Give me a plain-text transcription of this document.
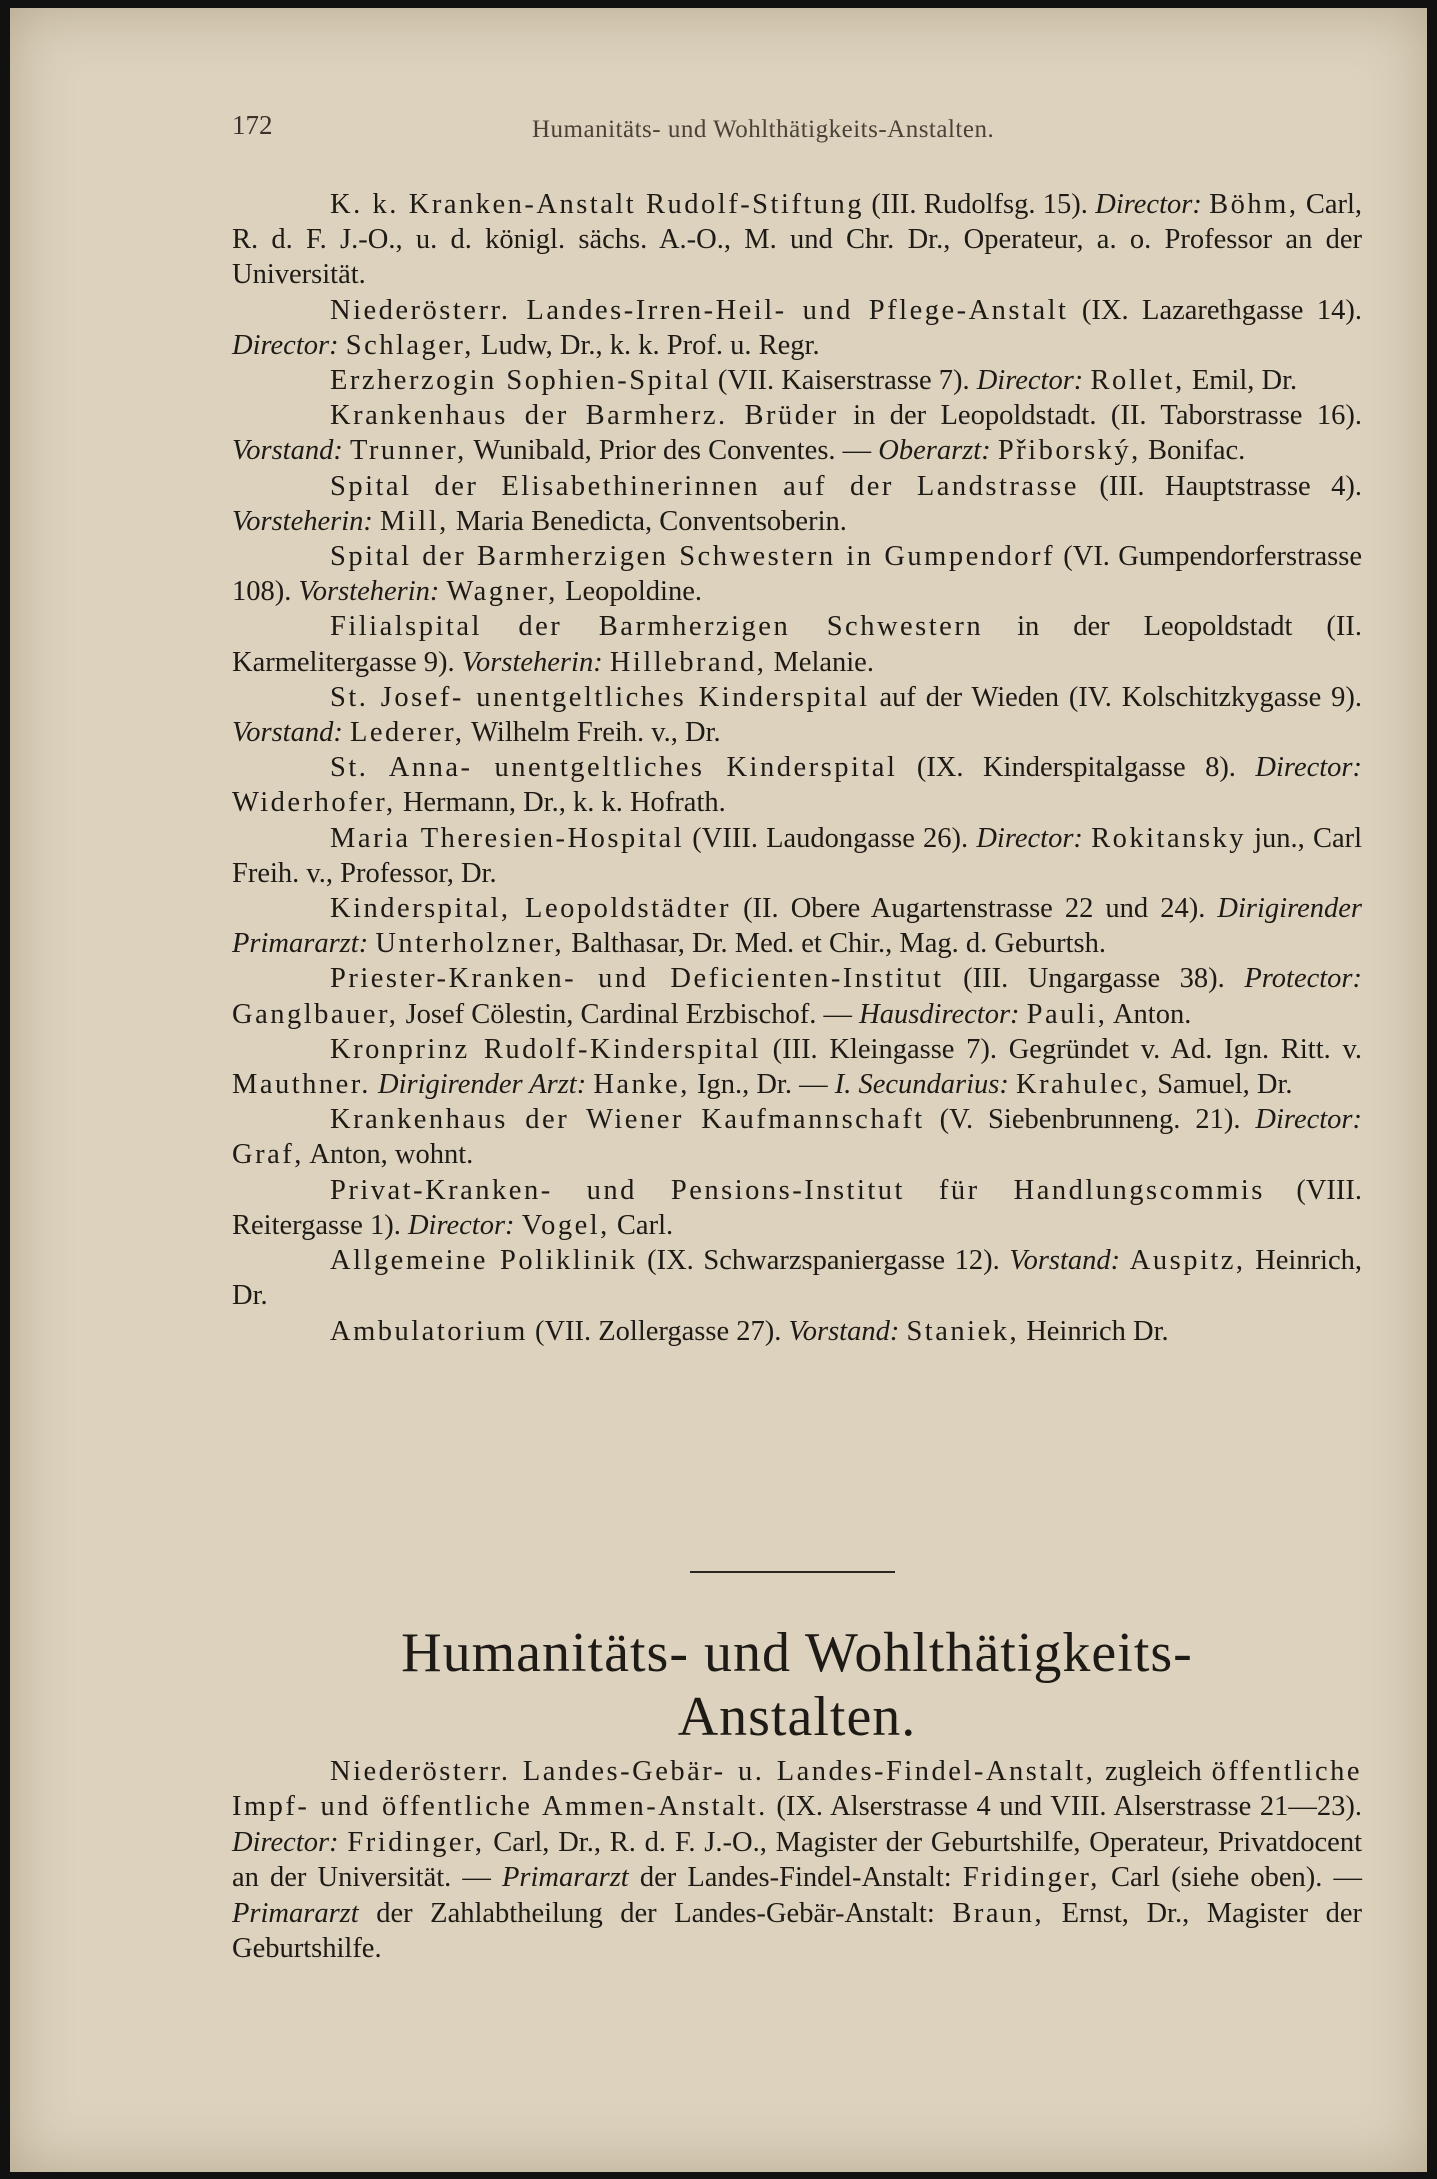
172	Humanitäts- und Wohlthätigkeits-Anstalten.

K. k. Kranken-Anstalt Rudolf-Stiftung (III. Rudolfsg. 15). Director: Böhm, Carl, R. d. F. J.-O., u. d. königl. sächs. A.-O., M. und Chr. Dr., Operateur, a. o. Professor an der Universität.

Niederösterr. Landes-Irren-Heil- und Pflege-Anstalt (IX. Lazarethgasse 14). Director: Schlager, Ludw, Dr., k. k. Prof. u. Regr.

Erzherzogin Sophien-Spital (VII. Kaiserstrasse 7). Director: Rollet, Emil, Dr.

Krankenhaus der Barmherz. Brüder in der Leopoldstadt. (II. Taborstrasse 16). Vorstand: Trunner, Wunibald, Prior des Conventes. — Oberarzt: Přiborský, Bonifac.

Spital der Elisabethinerinnen auf der Landstrasse (III. Hauptstrasse 4). Vorsteherin: Mill, Maria Benedicta, Conventsoberin.

Spital der Barmherzigen Schwestern in Gumpendorf (VI. Gumpendorferstrasse 108). Vorsteherin: Wagner, Leopoldine.

Filialspital der Barmherzigen Schwestern in der Leopoldstadt (II. Karmelitergasse 9). Vorsteherin: Hillebrand, Melanie.

St. Josef- unentgeltliches Kinderspital auf der Wieden (IV. Kolschitzkygasse 9). Vorstand: Lederer, Wilhelm Freih. v., Dr.

St. Anna- unentgeltliches Kinderspital (IX. Kinderspitalgasse 8). Director: Widerhofer, Hermann, Dr., k. k. Hofrath.

Maria Theresien-Hospital (VIII. Laudongasse 26). Director: Rokitansky jun., Carl Freih. v., Professor, Dr.

Kinderspital, Leopoldstädter (II. Obere Augartenstrasse 22 und 24). Dirigirender Primararzt: Unterholzner, Balthasar, Dr. Med. et Chir., Mag. d. Geburtsh.

Priester-Kranken- und Deficienten-Institut (III. Ungargasse 38). Protector: Ganglbauer, Josef Cölestin, Cardinal Erzbischof. — Hausdirector: Pauli, Anton.

Kronprinz Rudolf-Kinderspital (III. Kleingasse 7). Gegründet v. Ad. Ign. Ritt. v. Mauthner. Dirigirender Arzt: Hanke, Ign., Dr. — I. Secundarius: Krahulec, Samuel, Dr.

Krankenhaus der Wiener Kaufmannschaft (V. Siebenbrunneng. 21). Director: Graf, Anton, wohnt.

Privat-Kranken- und Pensions-Institut für Handlungscommis (VIII. Reitergasse 1). Director: Vogel, Carl.

Allgemeine Poliklinik (IX. Schwarzspaniergasse 12). Vorstand: Auspitz, Heinrich, Dr.

Ambulatorium (VII. Zollergasse 27). Vorstand: Staniek, Heinrich Dr.

Humanitäts- und Wohlthätigkeits-
Anstalten.

Niederösterr. Landes-Gebär- u. Landes-Findel-Anstalt, zugleich öffentliche Impf- und öffentliche Ammen-Anstalt. (IX. Alserstrasse 4 und VIII. Alserstrasse 21—23). Director: Fridinger, Carl, Dr., R. d. F. J.-O., Magister der Geburtshilfe, Operateur, Privatdocent an der Universität. — Primararzt der Landes-Findel-Anstalt: Fridinger, Carl (siehe oben). — Primararzt der Zahlabtheilung der Landes-Gebär-Anstalt: Braun, Ernst, Dr., Magister der Geburtshilfe.
